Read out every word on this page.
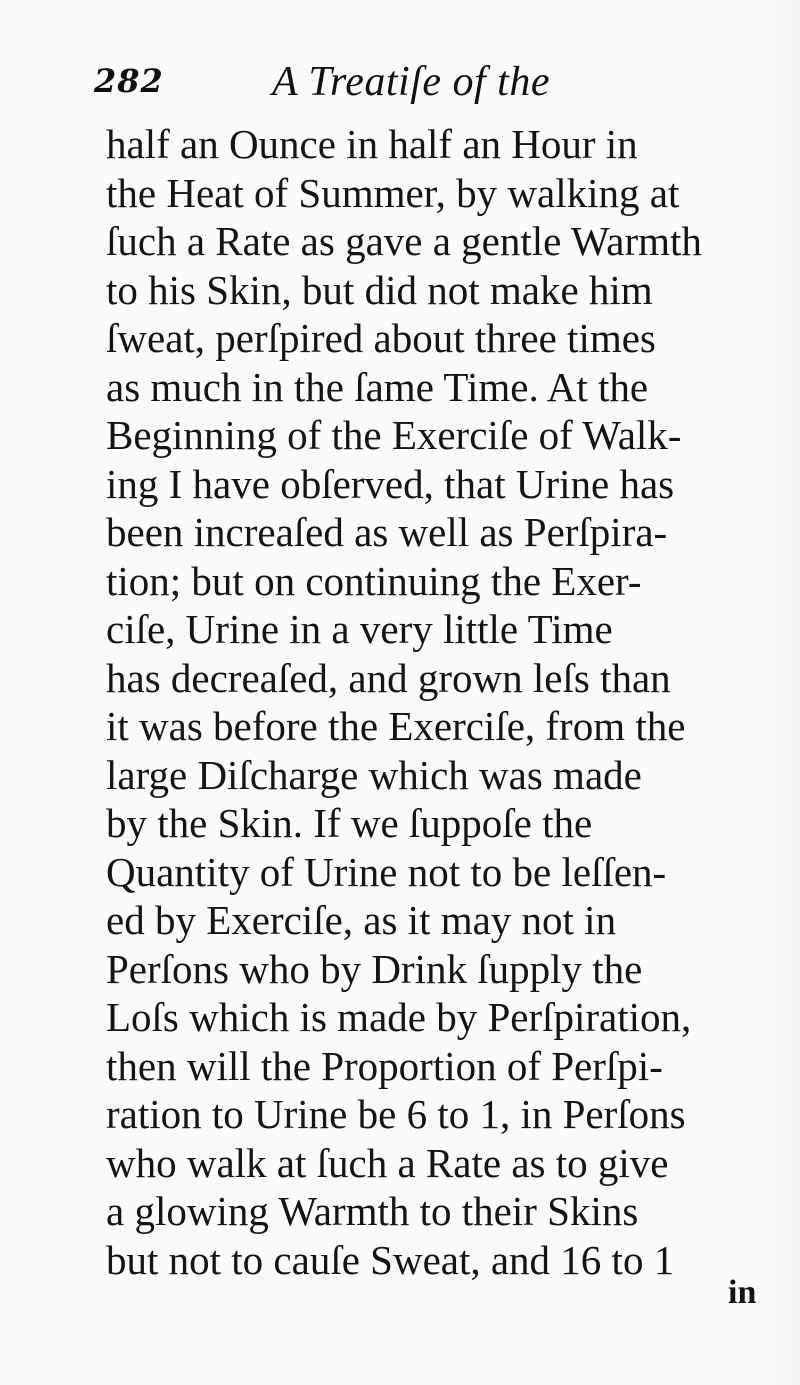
282	A Treatiſe of the
half an Ounce in half an Hour in
the Heat of Summer, by walking at
ſuch a Rate as gave a gentle Warmth
to his Skin, but did not make him
ſweat, perſpired about three times
as much in the ſame Time. At the
Beginning of the Exerciſe of Walk-
ing I have obſerved, that Urine has
been increaſed as well as Perſpira-
tion; but on continuing the Exer-
ciſe, Urine in a very little Time
has decreaſed, and grown leſs than
it was before the Exerciſe, from the
large Diſcharge which was made
by the Skin. If we ſuppoſe the
Quantity of Urine not to be leſſen-
ed by Exerciſe, as it may not in
Perſons who by Drink ſupply the
Loſs which is made by Perſpiration,
then will the Proportion of Perſpi-
ration to Urine be 6 to 1, in Perſons
who walk at ſuch a Rate as to give
a glowing Warmth to their Skins
but not to cauſe Sweat, and 16 to 1
in
